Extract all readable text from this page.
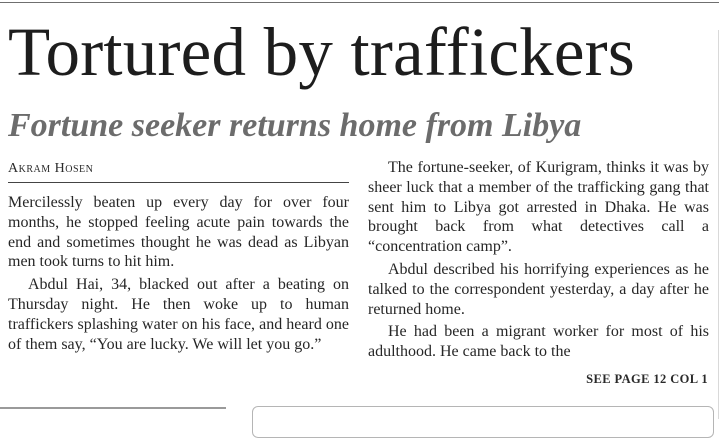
Tortured by traffickers
Fortune seeker returns home from Libya
Akram Hosen

Mercilessly beaten up every day for over four months, he stopped feeling acute pain towards the end and sometimes thought he was dead as Libyan men took turns to hit him.

Abdul Hai, 34, blacked out after a beating on Thursday night. He then woke up to human traffickers splashing water on his face, and heard one of them say, “You are lucky. We will let you go.”

The fortune-seeker, of Kurigram, thinks it was by sheer luck that a member of the trafficking gang that sent him to Libya got arrested in Dhaka. He was brought back from what detectives call a “concentration camp”.

Abdul described his horrifying experiences as he talked to the correspondent yesterday, a day after he returned home.

He had been a migrant worker for most of his adulthood. He came back to the

SEE PAGE 12 COL 1
